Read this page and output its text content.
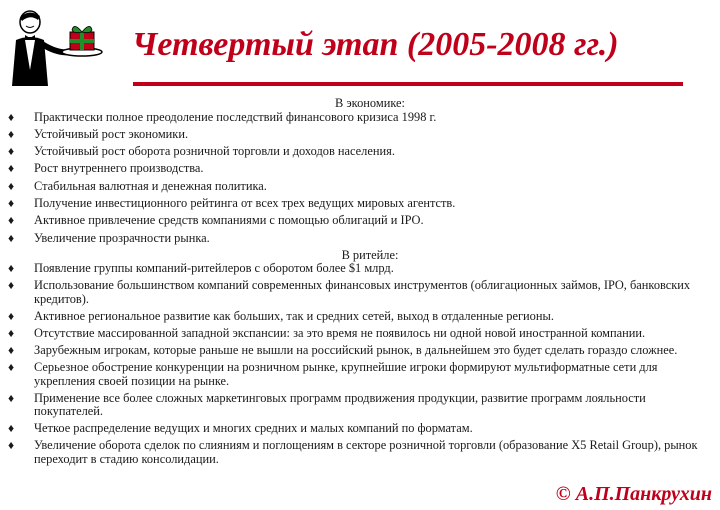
Четвертый этап (2005-2008 гг.)
В экономике:
♦	Практически полное преодоление последствий финансового кризиса 1998 г.
♦	Устойчивый рост экономики.
♦	Устойчивый рост оборота розничной торговли и доходов населения.
♦	Рост внутреннего производства.
♦	Стабильная валютная и денежная политика.
♦	Получение инвестиционного рейтинга от всех трех ведущих мировых агентств.
♦	Активное привлечение средств компаниями с помощью облигаций и IPO.
♦	Увеличение прозрачности рынка.
В ритейле:
♦	Появление группы компаний-ритейлеров с оборотом более $1 млрд.
♦	Использование большинством компаний современных финансовых инструментов (облигационных займов, IPO, банковских кредитов).
♦	Активное региональное развитие как больших, так и средних сетей, выход в отдаленные регионы.
♦	Отсутствие массированной западной экспансии: за это время не появилось ни одной новой иностранной компании.
♦	Зарубежным игрокам, которые раньше не вышли на российский рынок, в дальнейшем это будет сделать гораздо сложнее.
♦	Серьезное обострение конкуренции на розничном рынке, крупнейшие игроки формируют мультиформатные сети для укрепления своей позиции на рынке.
♦	Применение все более сложных маркетинговых программ продвижения продукции, развитие программ лояльности покупателей.
♦	Четкое распределение ведущих и многих средних и малых компаний по форматам.
♦	Увеличение оборота сделок по слияниям и поглощениям в секторе розничной торговли (образование X5 Retail Group), рынок переходит в стадию консолидации.
© А.П.Панкрухин
